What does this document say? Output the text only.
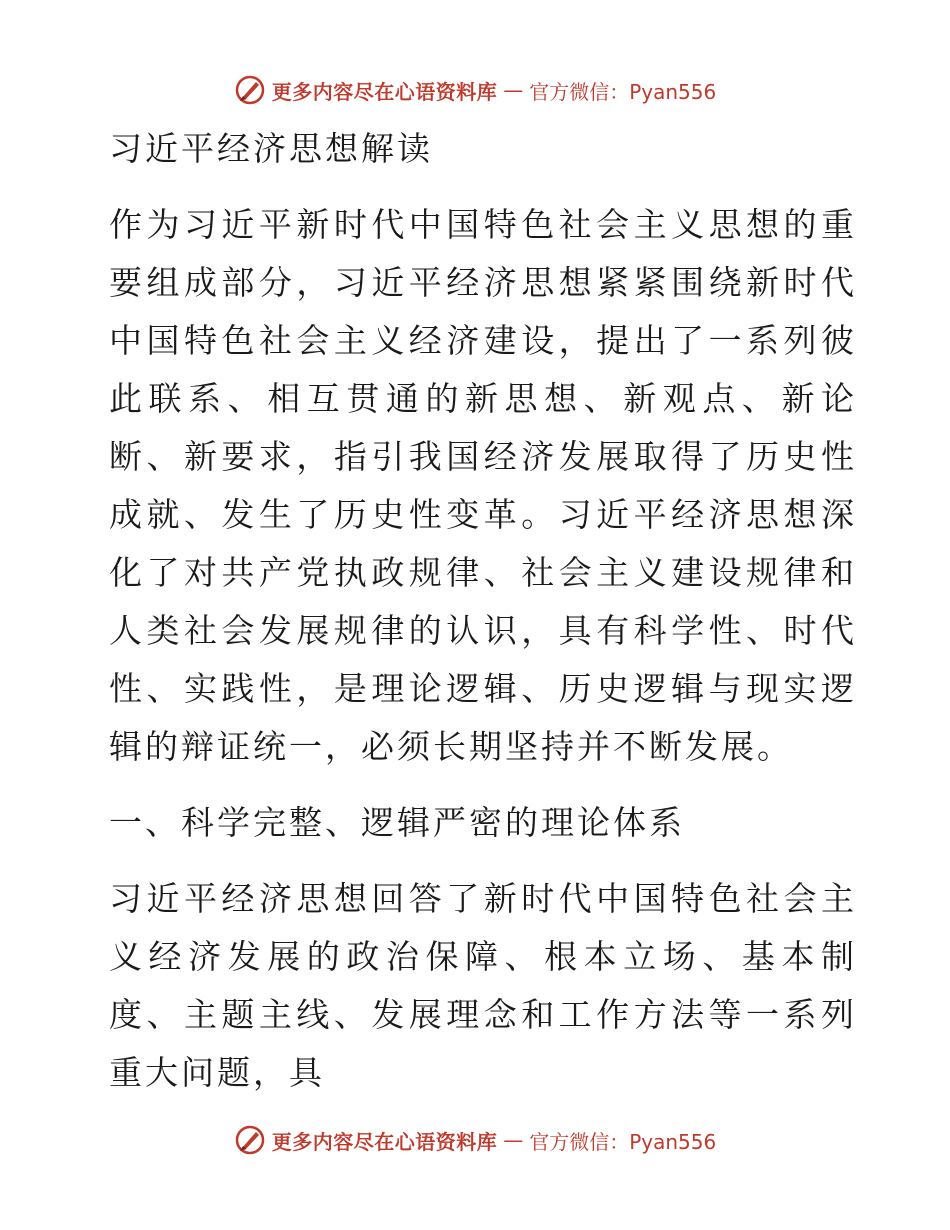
更多内容尽在心语资料库 — 官方微信：Pyan556

习近平经济思想解读

作为习近平新时代中国特色社会主义思想的重要组成部分，习近平经济思想紧紧围绕新时代中国特色社会主义经济建设，提出了一系列彼此联系、相互贯通的新思想、新观点、新论断、新要求，指引我国经济发展取得了历史性成就、发生了历史性变革。习近平经济思想深化了对共产党执政规律、社会主义建设规律和人类社会发展规律的认识，具有科学性、时代性、实践性，是理论逻辑、历史逻辑与现实逻辑的辩证统一，必须长期坚持并不断发展。

一、科学完整、逻辑严密的理论体系

习近平经济思想回答了新时代中国特色社会主义经济发展的政治保障、根本立场、基本制度、主题主线、发展理念和工作方法等一系列重大问题，具

更多内容尽在心语资料库 — 官方微信：Pyan556
